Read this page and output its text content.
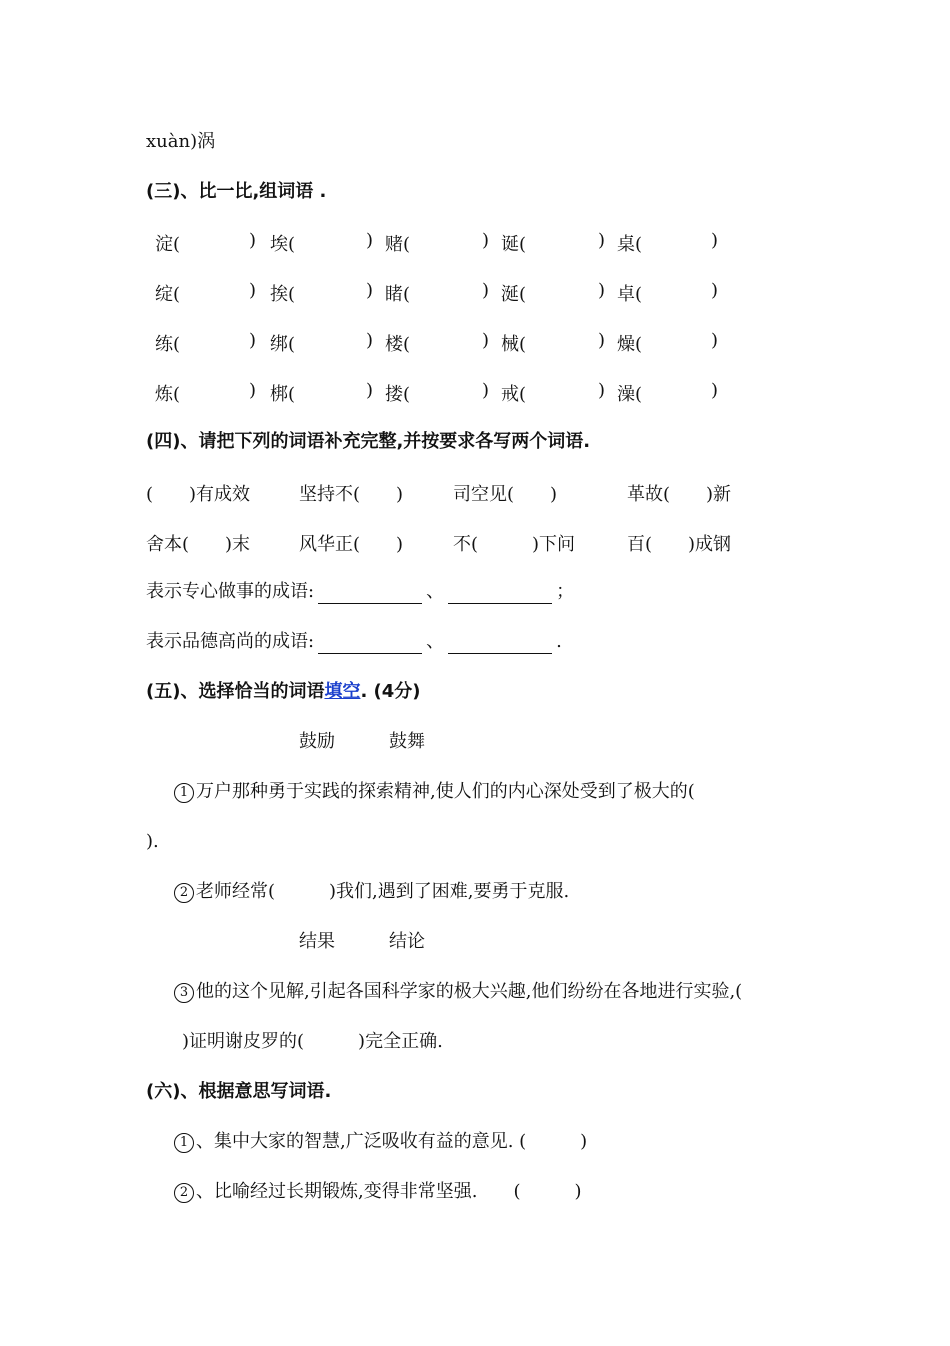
xuàn)涡
(三)、比一比,组词语 .
淀(	) 埃(	) 赌(	) 诞(	) 桌(	)
绽(	) 挨(	) 睹(	) 涎(	) 卓(	)
练(	) 绑(	) 楼(	) 械(	) 燥(	)
炼(	) 梆(	) 搂(	) 戒(	) 澡(	)
(四)、请把下列的词语补充完整,并按要求各写两个词语.
(　　)有成效	坚持不(　　)	司空见(　　)	革故(　　)新
舍本(　　)末	风华正(　　)	不(　　　)下问	百(　　)成钢
表示专心做事的成语:	、	；
表示品德高尚的成语:	、	.
(五)、选择恰当的词语填空. (4分)
鼓励　　　鼓舞
1 万户那种勇于实践的探索精神,使人们的内心深处受到了极大的(
).
2 老师经常(　　　)我们,遇到了困难,要勇于克服.
结果　　　结论
3 他的这个见解,引起各国科学家的极大兴趣,他们纷纷在各地进行实验,(
)证明谢皮罗的(　　　)完全正确.
(六)、根据意思写词语.
1 、集中大家的智慧,广泛吸收有益的意见. (　　　)
2 、比喻经过长期锻炼,变得非常坚强.　　(　　　)
